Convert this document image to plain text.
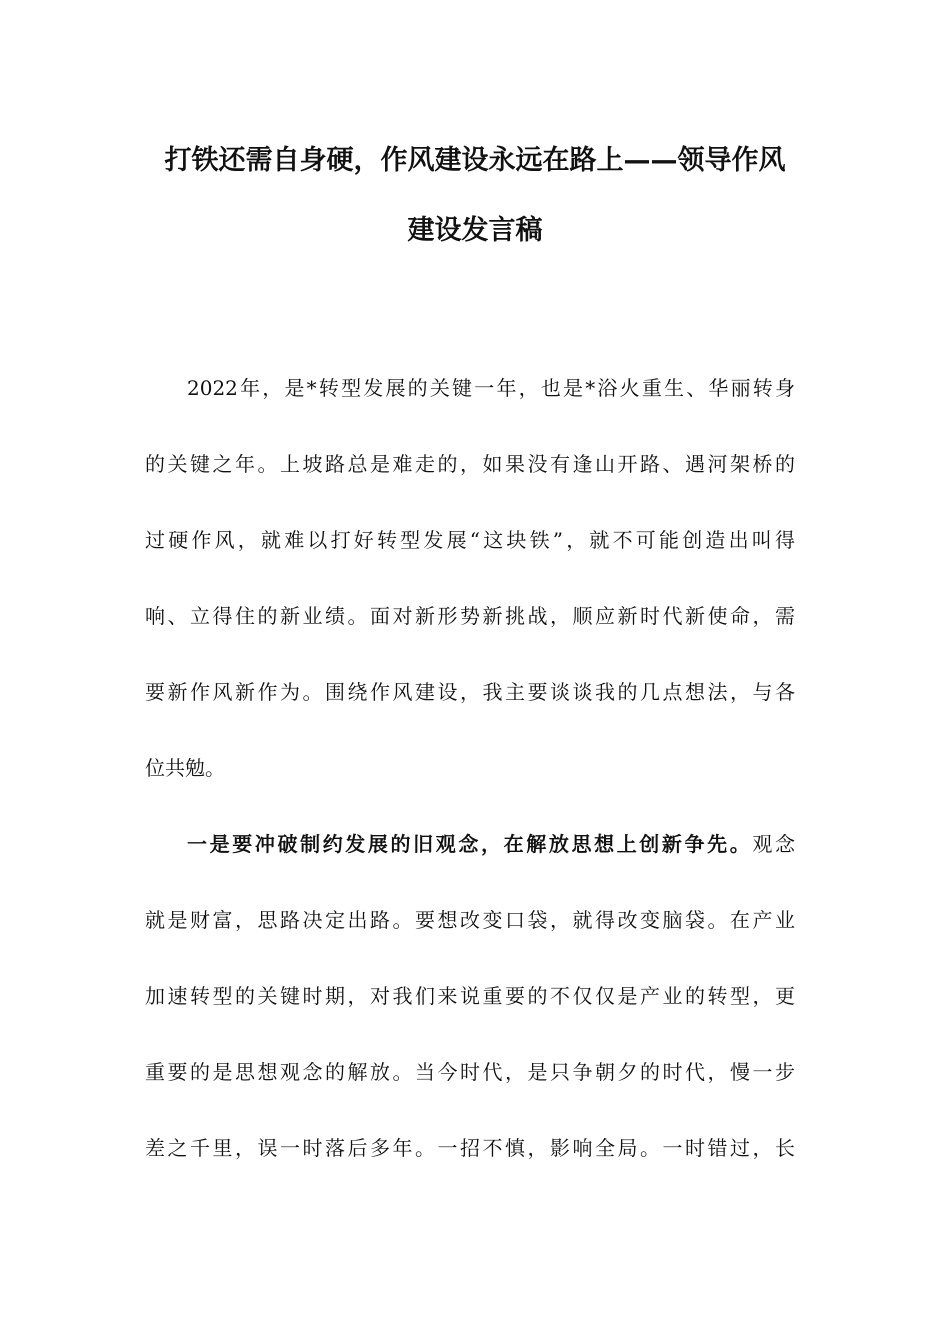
打铁还需自身硬，作风建设永远在路上——领导作风
建设发言稿
2022年，是*转型发展的关键一年，也是*浴火重生、华丽转身
的关键之年。上坡路总是难走的，如果没有逢山开路、遇河架桥的
过硬作风，就难以打好转型发展“这块铁”，就不可能创造出叫得
响、立得住的新业绩。面对新形势新挑战，顺应新时代新使命，需
要新作风新作为。围绕作风建设，我主要谈谈我的几点想法，与各
位共勉。
一是要冲破制约发展的旧观念，在解放思想上创新争先。观念
就是财富，思路决定出路。要想改变口袋，就得改变脑袋。在产业
加速转型的关键时期，对我们来说重要的不仅仅是产业的转型，更
重要的是思想观念的解放。当今时代，是只争朝夕的时代，慢一步
差之千里，误一时落后多年。一招不慎，影响全局。一时错过，长
